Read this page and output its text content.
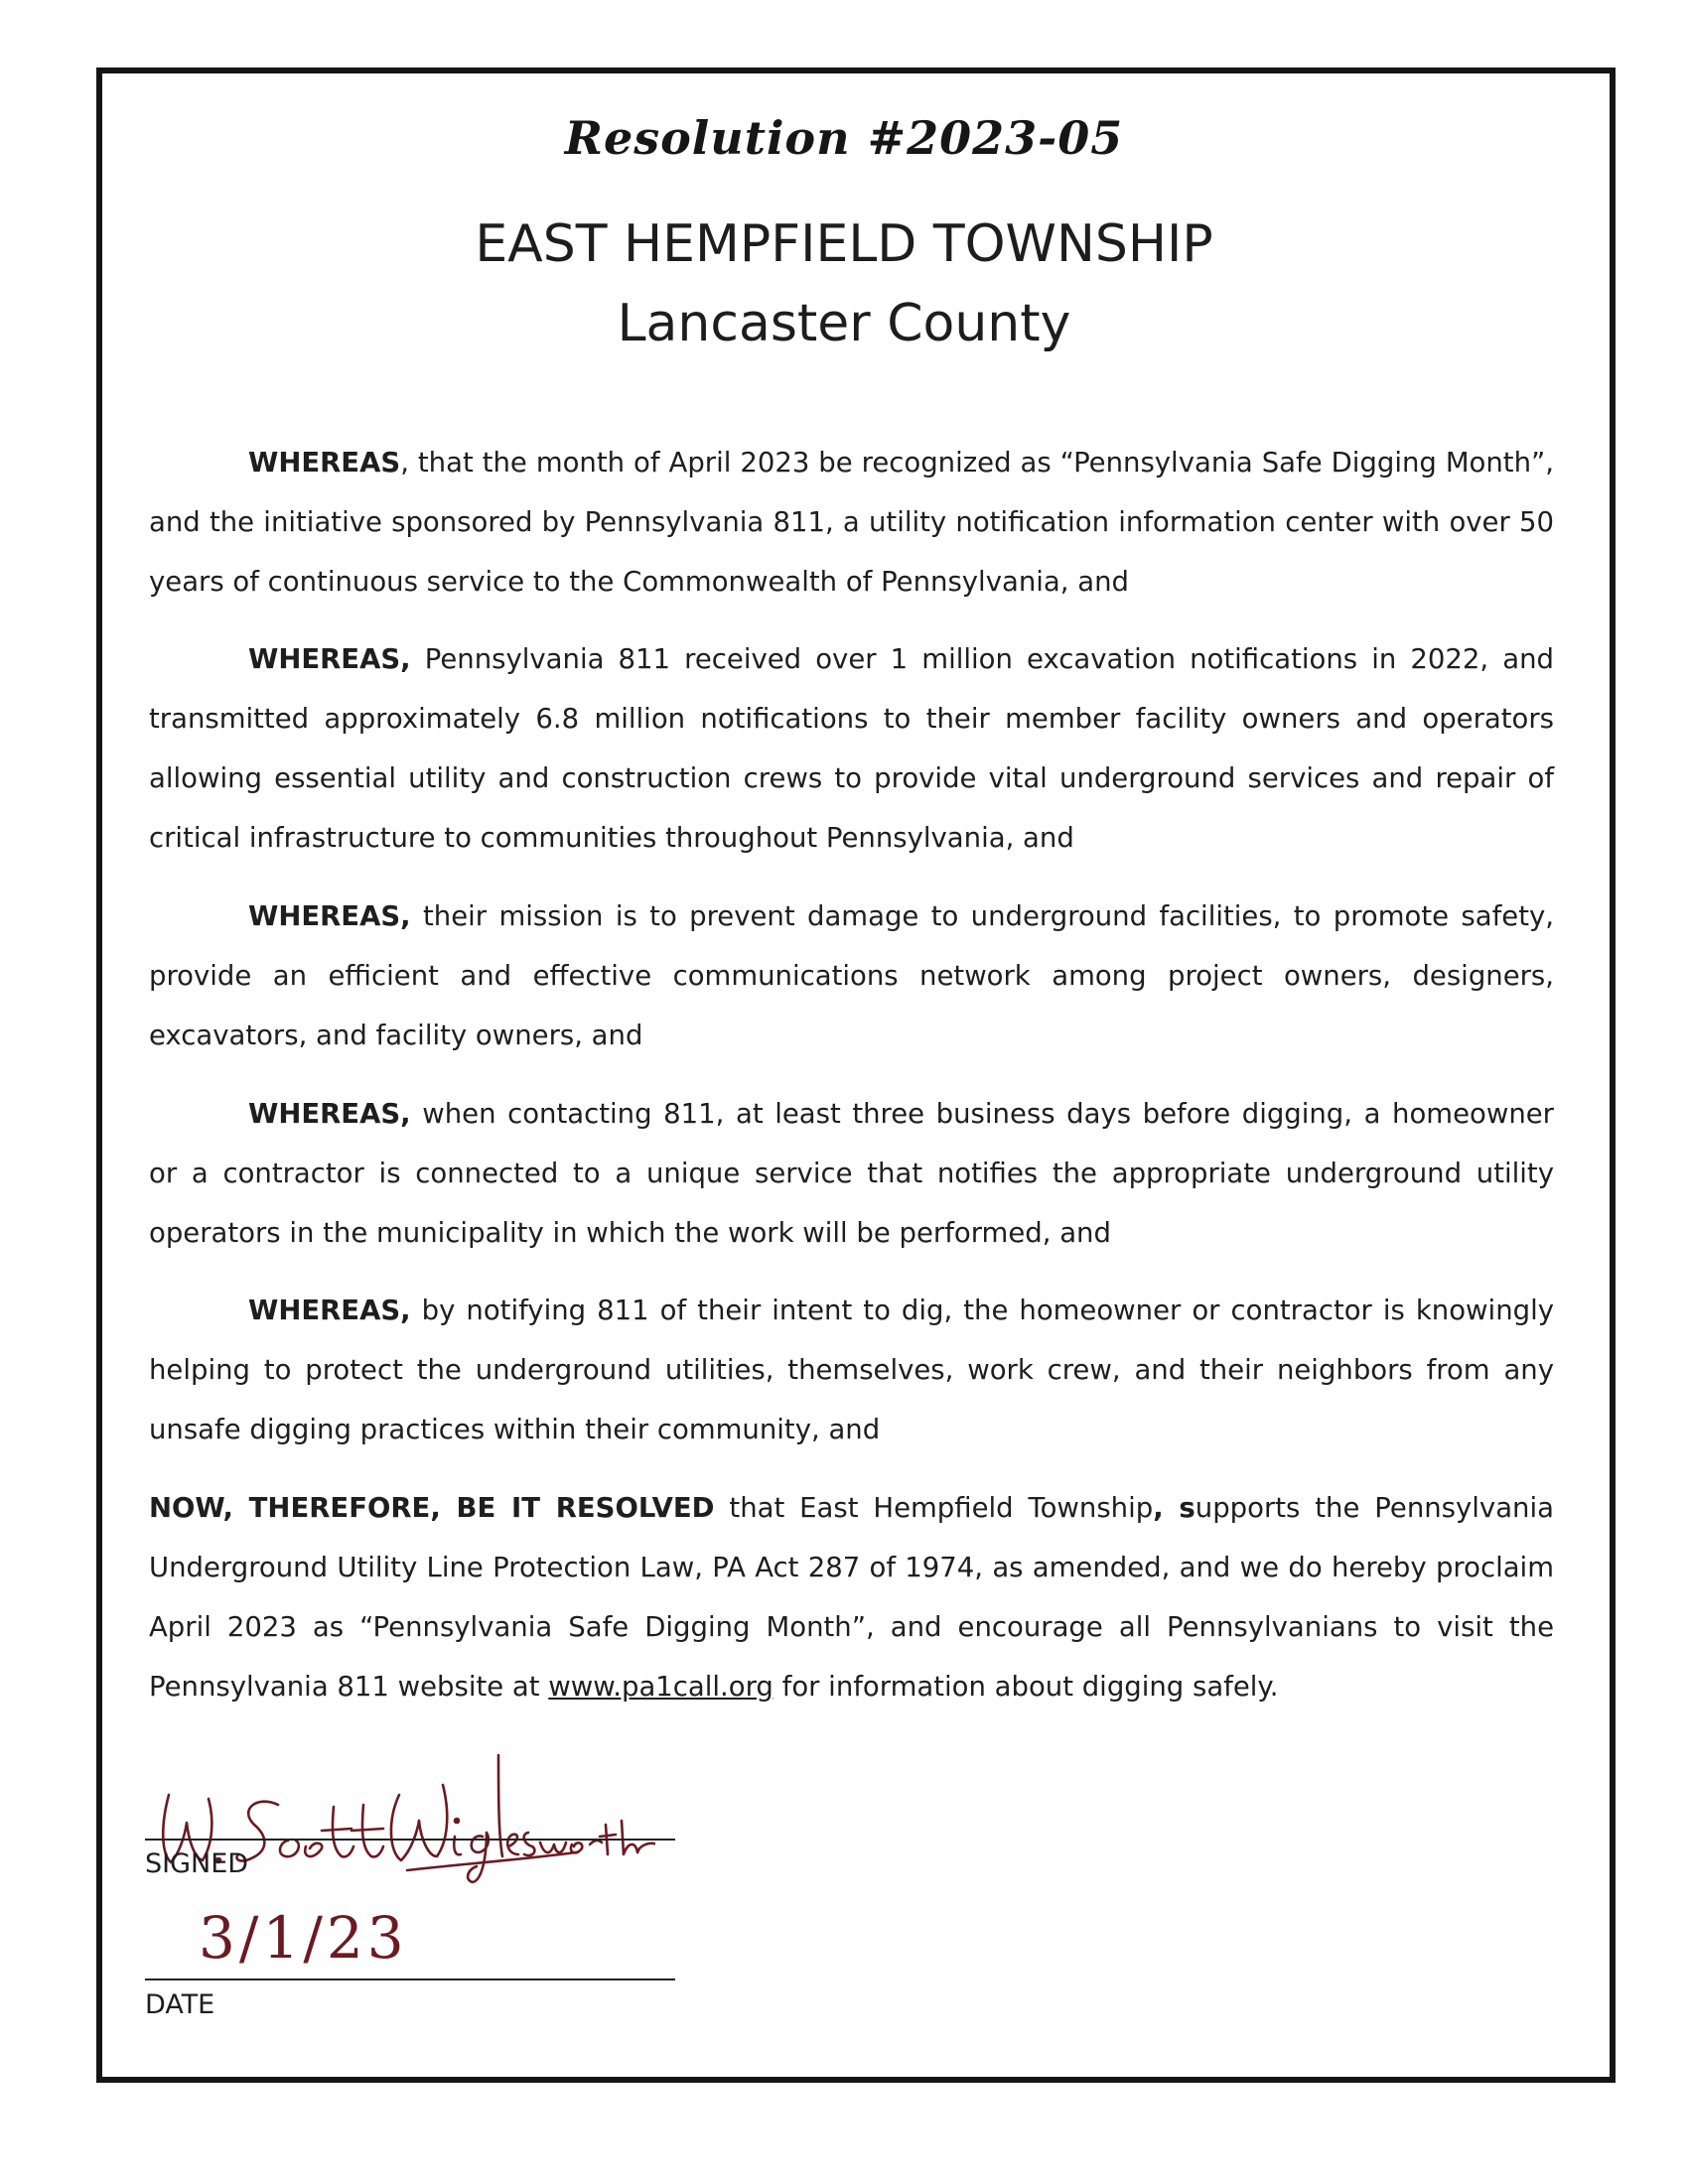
Resolution #2023-05
EAST HEMPFIELD TOWNSHIP
Lancaster County

WHEREAS, that the month of April 2023 be recognized as “Pennsylvania Safe Digging Month”, and the initiative sponsored by Pennsylvania 811, a utility notification information center with over 50 years of continuous service to the Commonwealth of Pennsylvania, and

WHEREAS, Pennsylvania 811 received over 1 million excavation notifications in 2022, and transmitted approximately 6.8 million notifications to their member facility owners and operators allowing essential utility and construction crews to provide vital underground services and repair of critical infrastructure to communities throughout Pennsylvania, and

WHEREAS, their mission is to prevent damage to underground facilities, to promote safety, provide an efficient and effective communications network among project owners, designers, excavators, and facility owners, and

WHEREAS, when contacting 811, at least three business days before digging, a homeowner or a contractor is connected to a unique service that notifies the appropriate underground utility operators in the municipality in which the work will be performed, and

WHEREAS, by notifying 811 of their intent to dig, the homeowner or contractor is knowingly helping to protect the underground utilities, themselves, work crew, and their neighbors from any unsafe digging practices within their community, and

NOW, THEREFORE, BE IT RESOLVED that East Hempfield Township, supports the Pennsylvania Underground Utility Line Protection Law, PA Act 287 of 1974, as amended, and we do hereby proclaim April 2023 as “Pennsylvania Safe Digging Month”, and encourage all Pennsylvanians to visit the Pennsylvania 811 website at www.pa1call.org for information about digging safely.

SIGNED
3/1/23
DATE
